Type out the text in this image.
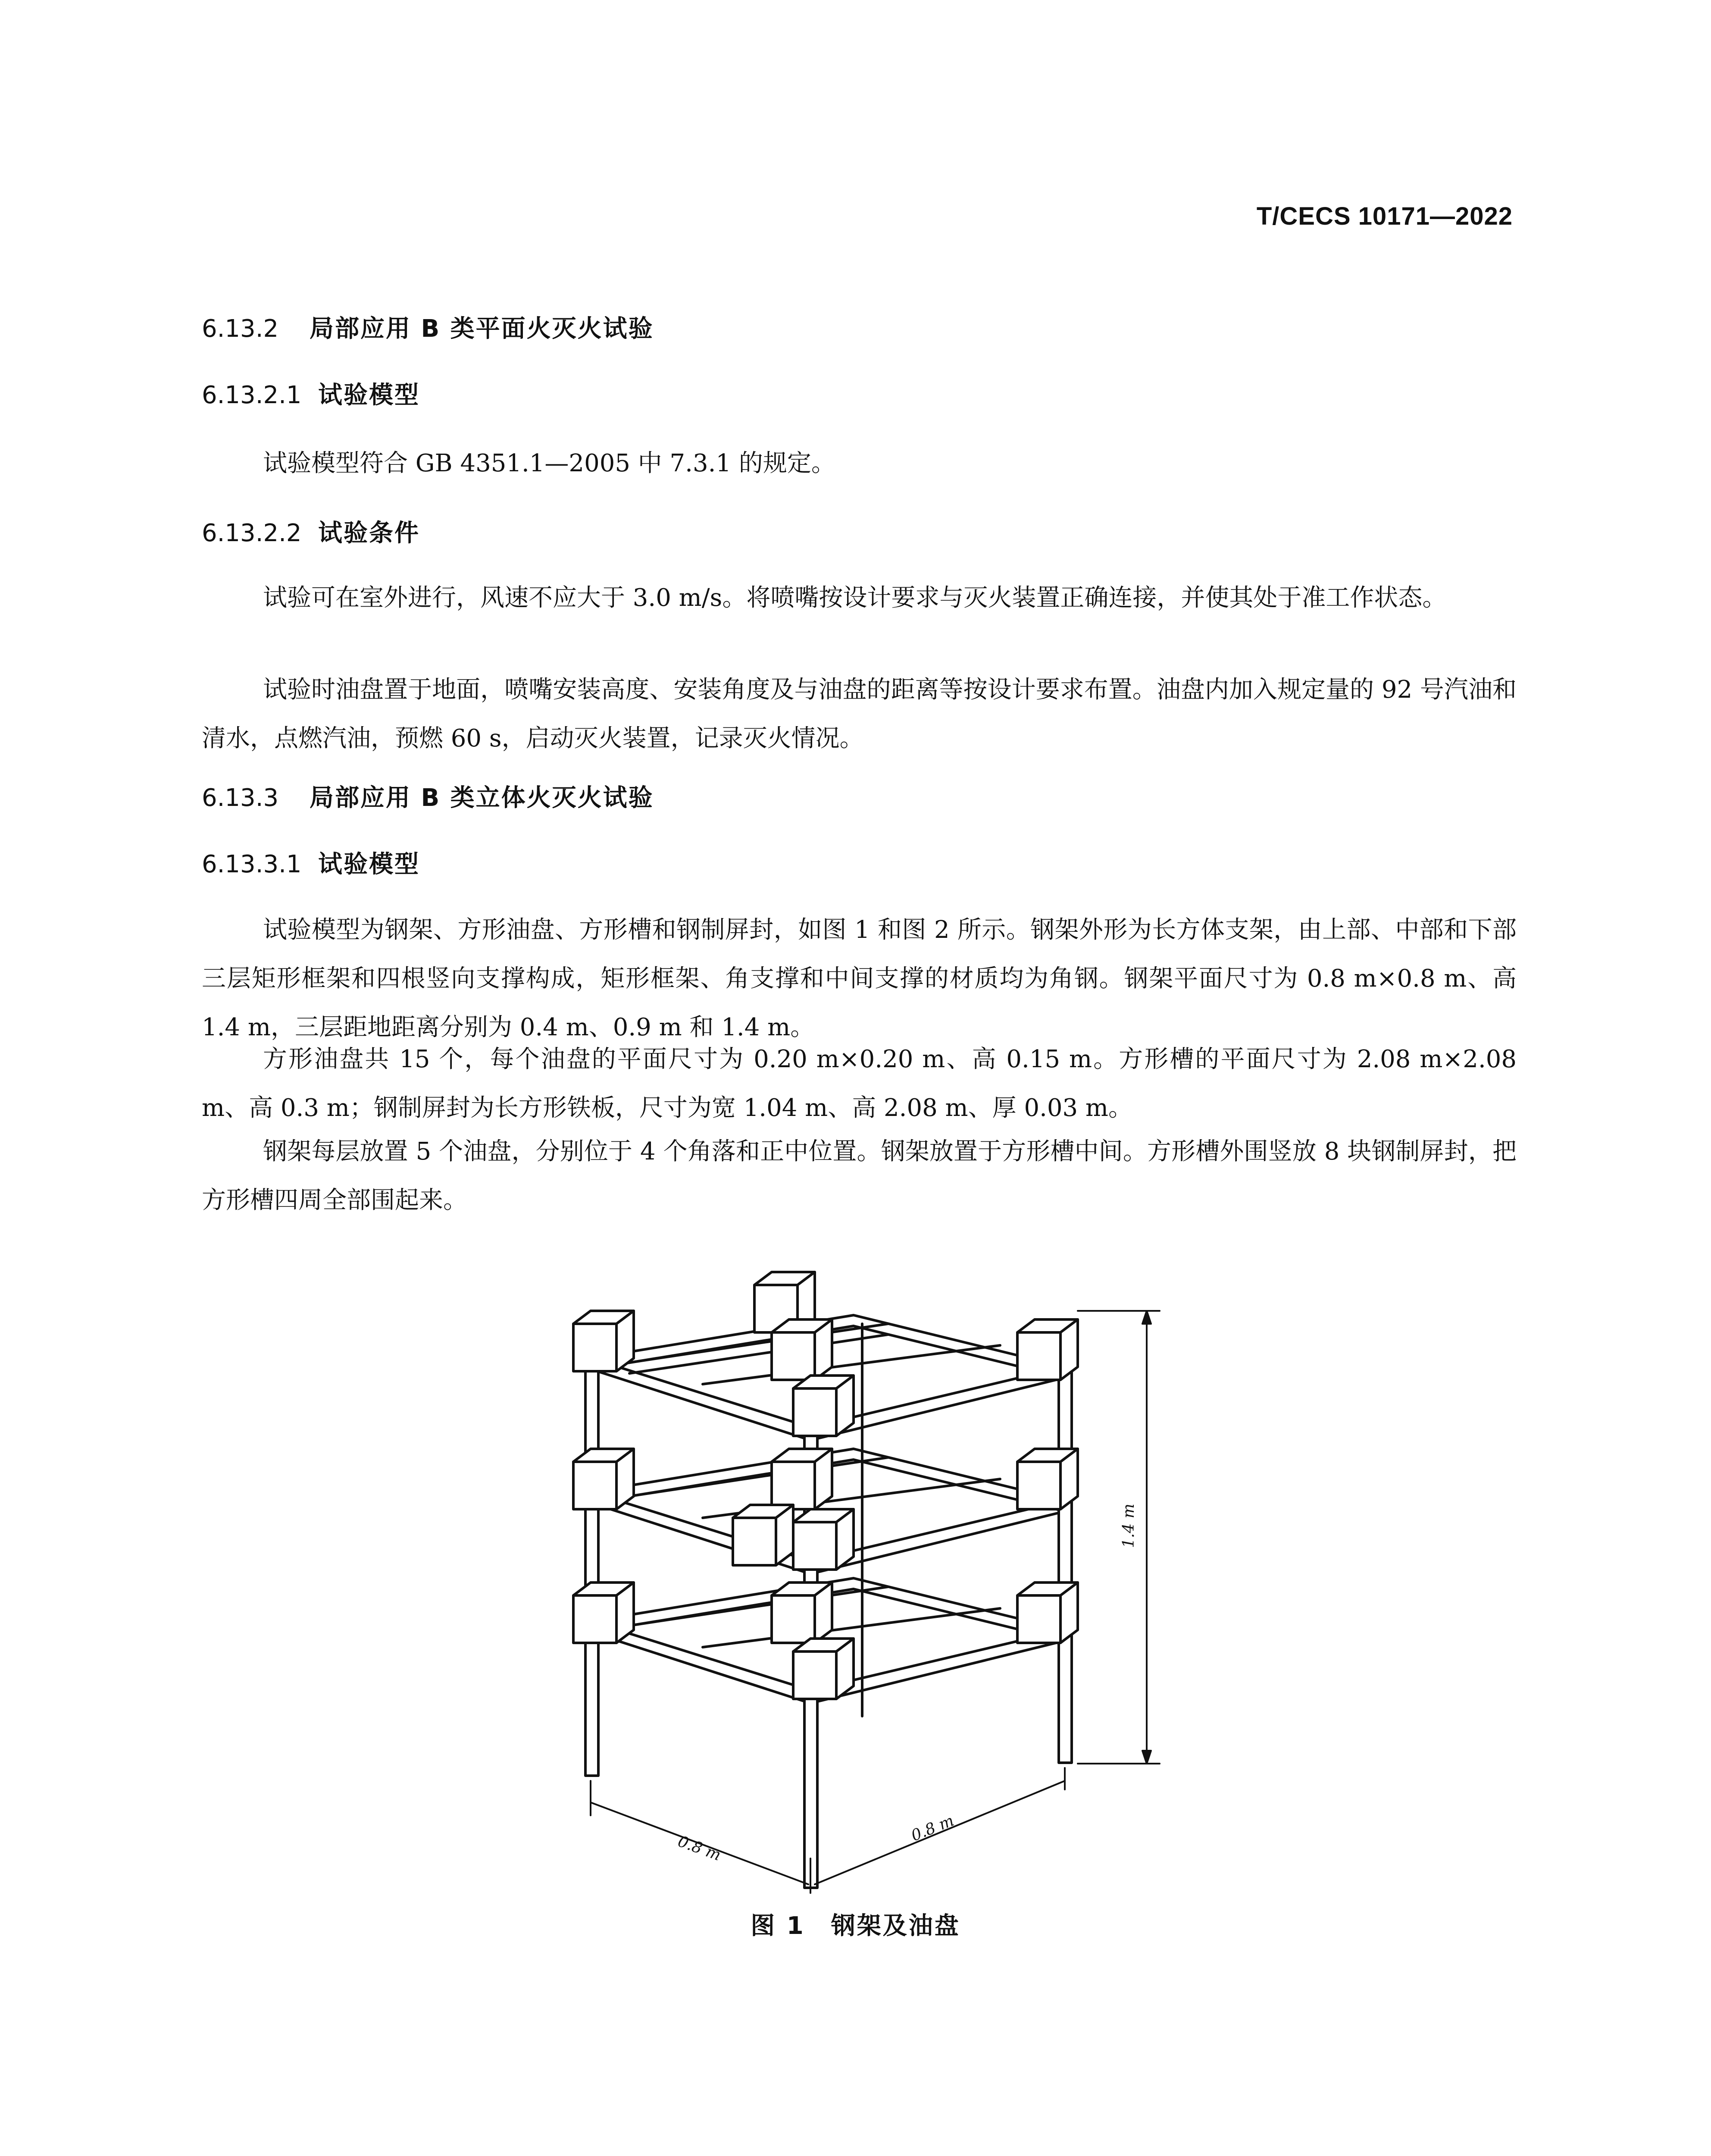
T/CECS 10171—2022
6.13.2 局部应用 B 类平面火灭火试验
6.13.2.1 试验模型
试验模型符合 GB 4351.1—2005 中 7.3.1 的规定。
6.13.2.2 试验条件
试验可在室外进行，风速不应大于 3.0 m/s。将喷嘴按设计要求与灭火装置正确连接，并使其处于准工作状态。
试验时油盘置于地面，喷嘴安装高度、安装角度及与油盘的距离等按设计要求布置。油盘内加入规定量的 92 号汽油和清水，点燃汽油，预燃 60 s，启动灭火装置，记录灭火情况。
6.13.3 局部应用 B 类立体火灭火试验
6.13.3.1 试验模型
试验模型为钢架、方形油盘、方形槽和钢制屏封，如图 1 和图 2 所示。钢架外形为长方体支架，由上部、中部和下部三层矩形框架和四根竖向支撑构成，矩形框架、角支撑和中间支撑的材质均为角钢。钢架平面尺寸为 0.8 m×0.8 m、高 1.4 m，三层距地距离分别为 0.4 m、0.9 m 和 1.4 m。
方形油盘共 15 个，每个油盘的平面尺寸为 0.20 m×0.20 m、高 0.15 m。方形槽的平面尺寸为 2.08 m×2.08 m、高 0.3 m；钢制屏封为长方形铁板，尺寸为宽 1.04 m、高 2.08 m、厚 0.03 m。
钢架每层放置 5 个油盘，分别位于 4 个角落和正中位置。钢架放置于方形槽中间。方形槽外围竖放 8 块钢制屏封，把方形槽四周全部围起来。
1.4 m
0.8 m
0.8 m
图 1　钢架及油盘
